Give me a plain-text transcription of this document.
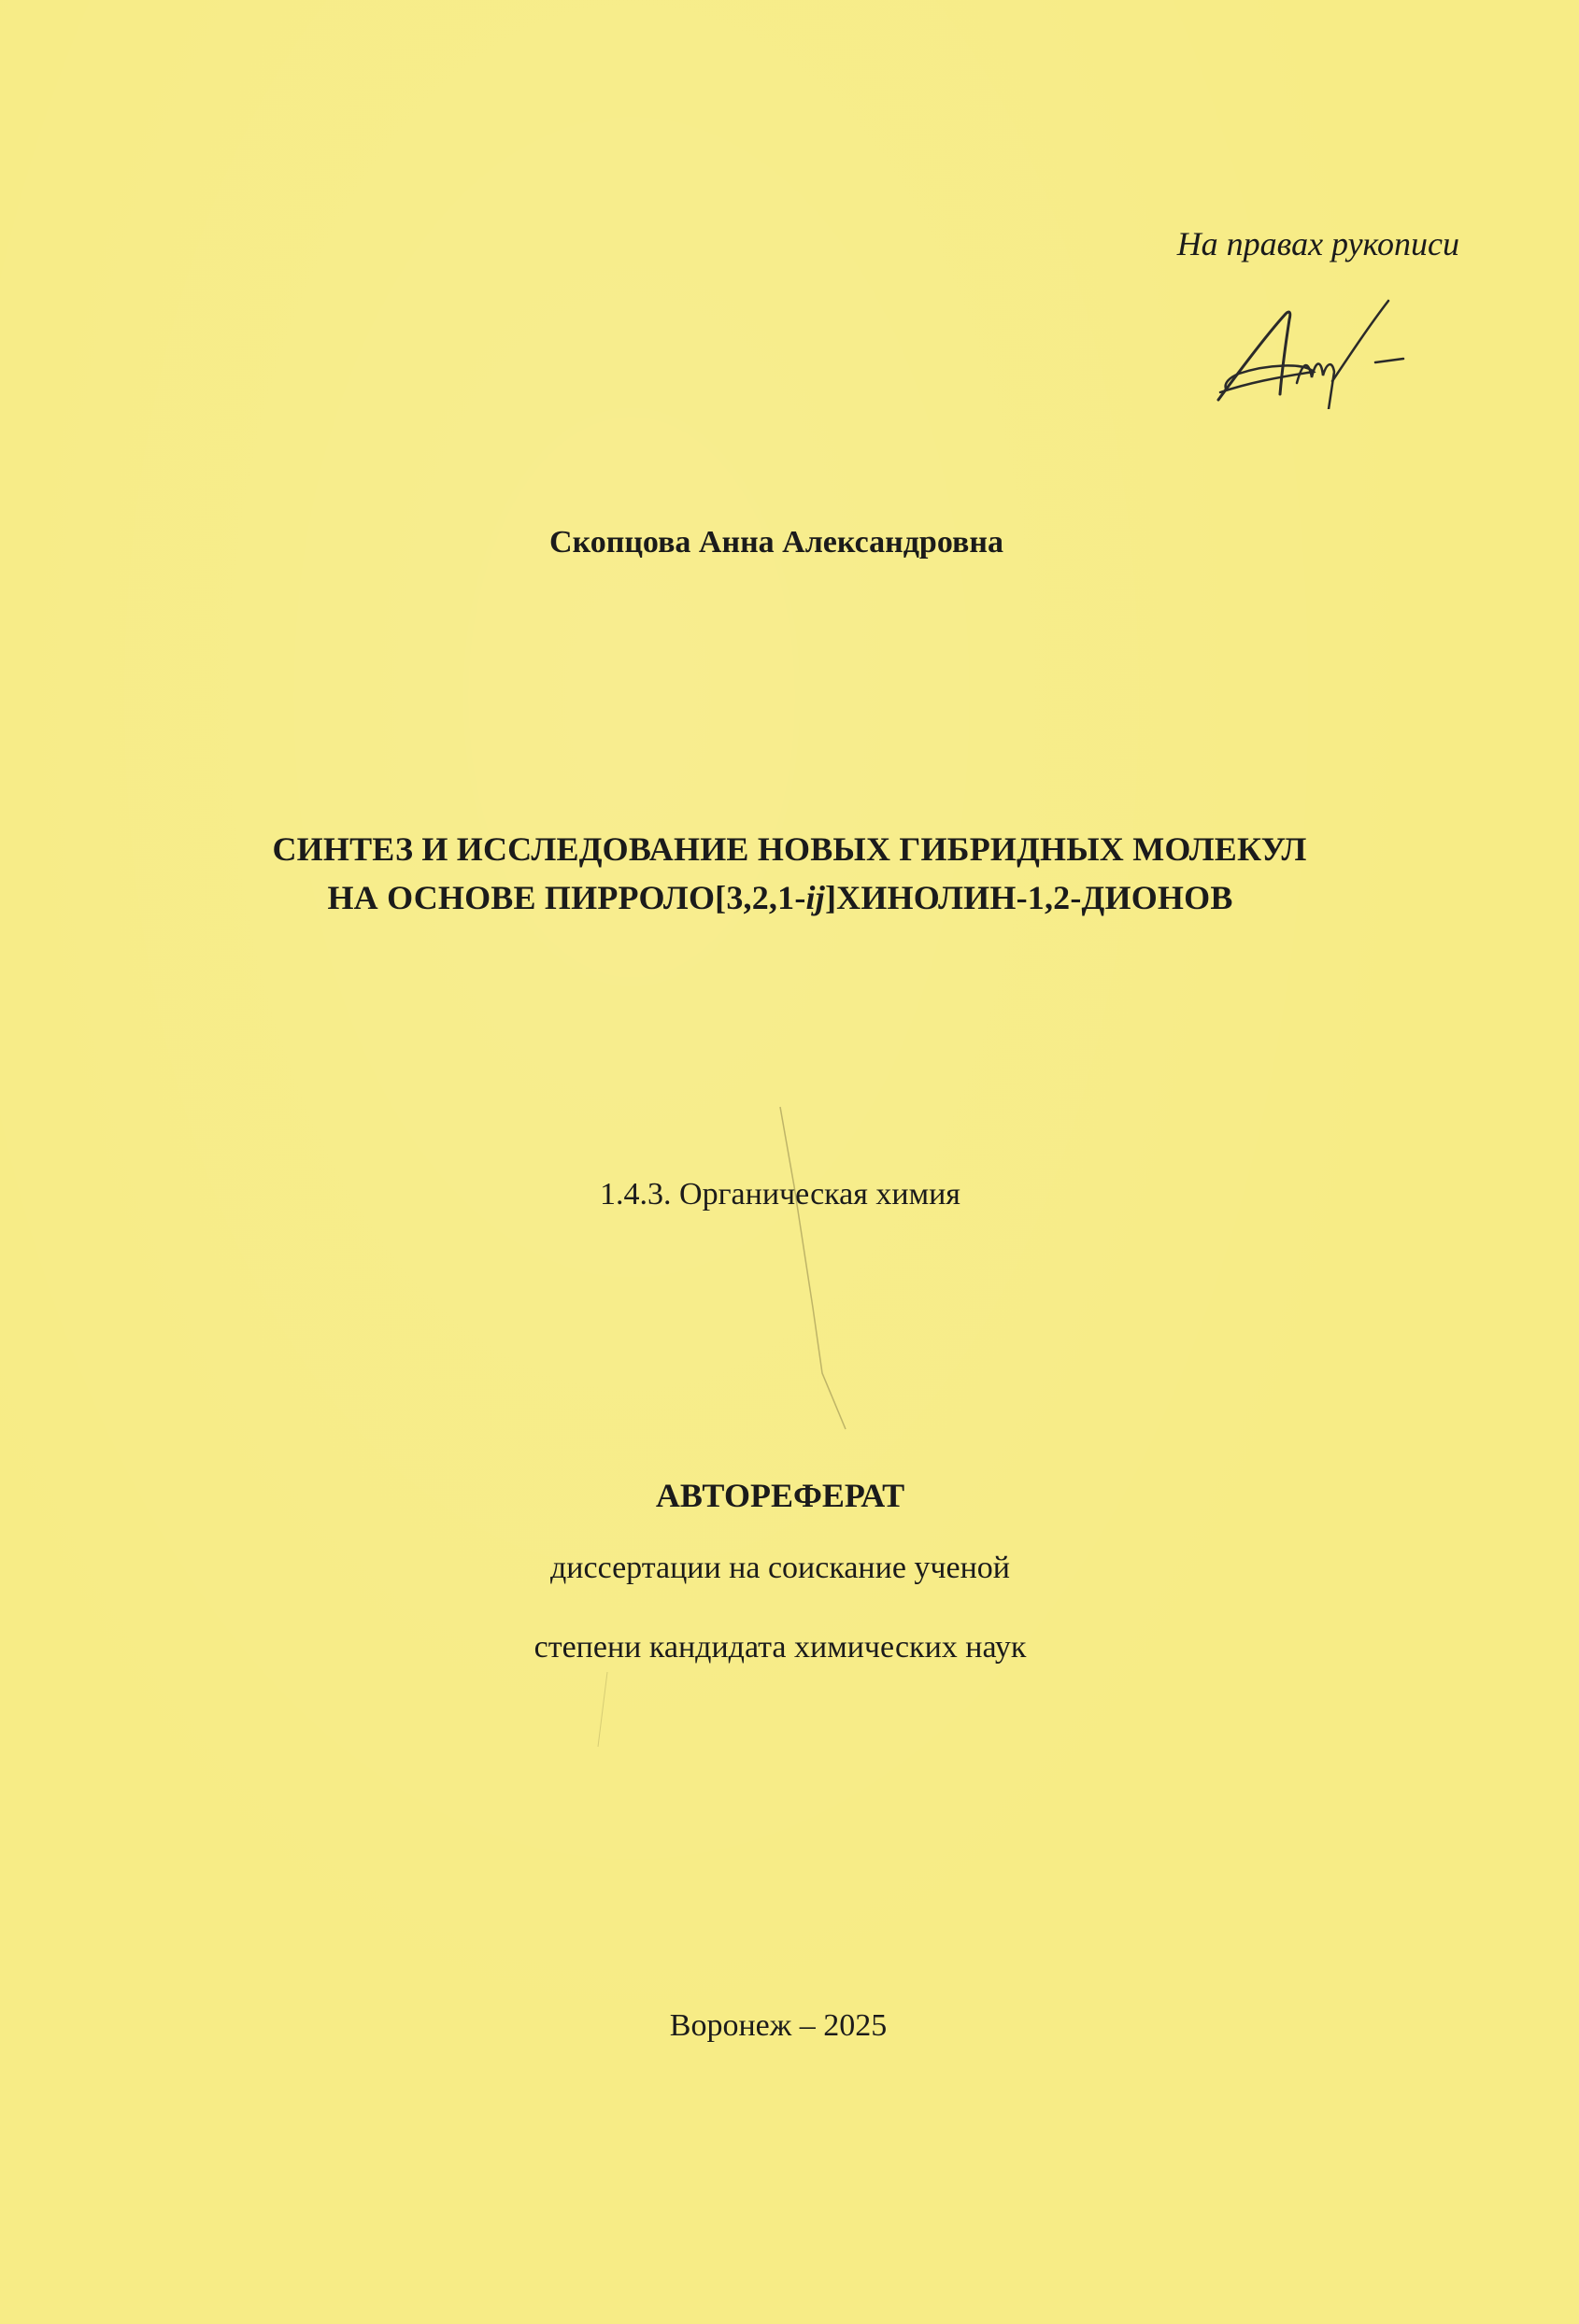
На правах рукописи
Скопцова Анна Александровна
СИНТЕЗ И ИССЛЕДОВАНИЕ НОВЫХ ГИБРИДНЫХ МОЛЕКУЛ
НА ОСНОВЕ ПИРРОЛО[3,2,1-ij]ХИНОЛИН-1,2-ДИОНОВ
1.4.3. Органическая химия
АВТОРЕФЕРАТ
диссертации на соискание ученой
степени кандидата химических наук
Воронеж – 2025
